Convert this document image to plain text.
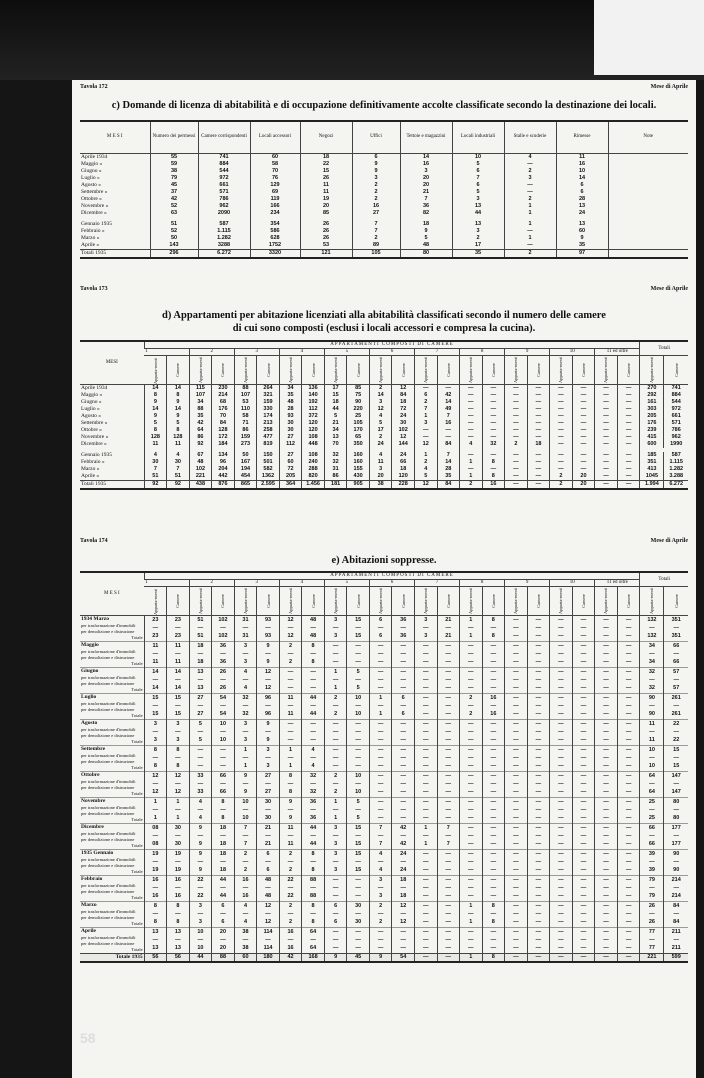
Tavola 172	Mese di Aprile
c) Domande di licenza di abitabilità e di occupazione definitivamente accolte classificate secondo la destinazione dei locali.
M E S I	Numero dei permessi	Camere corrispondenti	Locali accessori	Negozi	Uffici	Tettoie e magazzini	Locali industriali	Stalle e scuderie	Rimesse	Note
Aprile 1934	55	741	60	18	6	14	10	4	11	
Maggio »	59	884	58	22	9	16	5	—	16	
Giugno »	38	544	70	15	9	3	6	2	10	
Luglio »	79	972	76	26	3	20	7	3	14	
Agosto »	45	661	129	11	2	20	6	—	6	
Settembre »	37	571	69	11	2	21	5	—	6	
Ottobre »	42	786	119	19	2	7	3	2	28	
Novembre »	52	962	166	20	16	36	13	1	13	
Dicembre »	63	2090	234	85	27	82	44	1	24	

Gennaio 1935	51	587	354	26	7	18	13	1	13	
Febbraio »	52	1.115	586	26	7	9	3	—	60	
Marzo »	50	1.282	628	26	2	5	2	1	9	
Aprile »	143	3288	1752	53	89	48	17	—	35	
Totali 1935	296	6.272	3320	121	105	80	35	2	97	
Tavola 173	Mese di Aprile
d) Appartamenti per abitazione licenziati alla abitabilità classificati secondo il numero delle camere
di cui sono composti (esclusi i locali accessori e compresa la cucina).
MESI	APPARTAMENTI COMPOSTI DI CAMERE																						Totali	
	1		2		3		4		5		6		7		8		9		10		11 ed oltre			

	Apparta-menti	Camere	Apparta-menti	Camere	Apparta-menti	Camere	Apparta-menti	Camere	Apparta-menti	Camere	Apparta-menti	Camere	Apparta-menti	Camere	Apparta-menti	Camere	Apparta-menti	Camere	Apparta-menti	Camere	Apparta-menti	Camere	Apparta-menti	Camere

Aprile 1934	14	14	115	230	88	264	34	136	17	85	2	12	—	—	—	—	—	—	—	—	—	—	270	741
Maggio »	8	8	107	214	107	321	35	140	15	75	14	84	6	42	—	—	—	—	—	—	—	—	292	884
Giugno »	9	9	34	68	53	159	48	192	18	90	3	18	2	14	—	—	—	—	—	—	—	—	161	544
Luglio »	14	14	88	176	110	330	28	112	44	220	12	72	7	49	—	—	—	—	—	—	—	—	303	972
Agosto »	9	9	35	70	58	174	93	372	5	25	4	24	1	7	—	—	—	—	—	—	—	—	205	661
Settembre »	5	5	42	84	71	213	30	120	21	105	5	30	3	16	—	—	—	—	—	—	—	—	176	571
Ottobre »	8	8	64	128	86	258	30	120	34	170	17	102	—	—	—	—	—	—	—	—	—	—	239	786
Novembre »	128	128	86	172	159	477	27	108	13	65	2	12	—	—	—	—	—	—	—	—	—	—	415	962
Dicembre »	11	11	92	184	273	819	112	448	70	350	24	144	12	84	4	32	2	18	—	—	—	—	600	1990

Gennaio 1935	4	4	67	134	50	150	27	108	32	160	4	24	1	7	—	—	—	—	—	—	—	—	185	587
Febbraio »	30	30	48	96	167	501	60	240	32	160	11	66	2	14	1	8	—	—	—	—	—	—	351	1.115
Marzo »	7	7	102	204	194	582	72	288	31	155	3	18	4	28	—	—	—	—	—	—	—	—	413	1.282
Aprile »	51	51	221	442	454	1362	205	820	86	430	20	120	5	35	1	8	—	—	2	20	—	—	1045	3.288
Totali 1935	92	92	438	876	865	2.595	364	1.456	181	905	38	228	12	84	2	16	—	—	2	20	—	—	1.994	6.272
Tavola 174	Mese di Aprile
e) Abitazioni soppresse.
M E S I	APPARTAMENTI COMPOSTI DI CAMERE																						Totali	
	1		2		3		4		5		6		7		8		9		10		11 ed oltre			

	Apparta-menti	Camere	Apparta-menti	Camere	Apparta-menti	Camere	Apparta-menti	Camere	Apparta-menti	Camere	Apparta-menti	Camere	Apparta-menti	Camere	Apparta-menti	Camere	Apparta-menti	Camere	Apparta-menti	Camere	Apparta-menti	Camere	Apparta-menti	Camere

1934 Marzo
per trasformazione d'immobili
per demolizione e distruzione
Totale	23	23	51	102	31	93	12	48	3	15	6	36	3	21	1	8	—	—	—	—	—	—	132	351
	—	—	—	—	—	—	—	—	—	—	—	—	—	—	—	—	—	—	—	—	—	—	—	—
	23	23	51	102	31	93	12	48	3	15	6	36	3	21	1	8	—	—	—	—	—	—	132	351
Maggio
per trasformazione d'immobili
per demolizione e distruzione
Totale	11	11	18	36	3	9	2	8	—	—	—	—	—	—	—	—	—	—	—	—	—	—	34	66
	—	—	—	—	—	—	—	—	—	—	—	—	—	—	—	—	—	—	—	—	—	—	—	—
	11	11	18	36	3	9	2	8	—	—	—	—	—	—	—	—	—	—	—	—	—	—	34	66
Giugno
per trasformazione d'immobili
per demolizione e distruzione
Totale	14	14	13	26	4	12	—	—	1	5	—	—	—	—	—	—	—	—	—	—	—	—	32	57
	—	—	—	—	—	—	—	—	—	—	—	—	—	—	—	—	—	—	—	—	—	—	—	—
	14	14	13	26	4	12	—	—	1	5	—	—	—	—	—	—	—	—	—	—	—	—	32	57
Luglio
per trasformazione d'immobili
per demolizione e distruzione
Totale	15	15	27	54	32	96	11	44	2	10	1	6	—	—	2	16	—	—	—	—	—	—	90	261
	—	—	—	—	—	—	—	—	—	—	—	—	—	—	—	—	—	—	—	—	—	—	—	—
	15	15	27	54	32	96	11	44	2	10	1	6	—	—	2	16	—	—	—	—	—	—	90	261
Agosto
per trasformazione d'immobili
per demolizione e distruzione
Totale	3	3	5	10	3	9	—	—	—	—	—	—	—	—	—	—	—	—	—	—	—	—	11	22
	—	—	—	—	—	—	—	—	—	—	—	—	—	—	—	—	—	—	—	—	—	—	—	—
	3	3	5	10	3	9	—	—	—	—	—	—	—	—	—	—	—	—	—	—	—	—	11	22
Settembre
per trasformazione d'immobili
per demolizione e distruzione
Totale	8	8	—	—	1	3	1	4	—	—	—	—	—	—	—	—	—	—	—	—	—	—	10	15
	—	—	—	—	—	—	—	—	—	—	—	—	—	—	—	—	—	—	—	—	—	—	—	—
	8	8	—	—	1	3	1	4	—	—	—	—	—	—	—	—	—	—	—	—	—	—	10	15
Ottobre
per trasformazione d'immobili
per demolizione e distruzione
Totale	12	12	33	66	9	27	8	32	2	10	—	—	—	—	—	—	—	—	—	—	—	—	64	147
	—	—	—	—	—	—	—	—	—	—	—	—	—	—	—	—	—	—	—	—	—	—	—	—
	12	12	33	66	9	27	8	32	2	10	—	—	—	—	—	—	—	—	—	—	—	—	64	147
Novembre
per trasformazione d'immobili
per demolizione e distruzione
Totale	1	1	4	8	10	30	9	36	1	5	—	—	—	—	—	—	—	—	—	—	—	—	25	80
	—	—	—	—	—	—	—	—	—	—	—	—	—	—	—	—	—	—	—	—	—	—	—	—
	1	1	4	8	10	30	9	36	1	5	—	—	—	—	—	—	—	—	—	—	—	—	25	80
Dicembre
per trasformazione d'immobili
per demolizione e distruzione
Totale	08	30	9	18	7	21	11	44	3	15	7	42	1	7	—	—	—	—	—	—	—	—	66	177
	—	—	—	—	—	—	—	—	—	—	—	—	—	—	—	—	—	—	—	—	—	—	—	—
	08	30	9	18	7	21	11	44	3	15	7	42	1	7	—	—	—	—	—	—	—	—	66	177
1935 Gennaio
per trasformazione d'immobili
per demolizione e distruzione
Totale	19	19	9	18	2	6	2	8	3	15	4	24	—	—	—	—	—	—	—	—	—	—	39	90
	—	—	—	—	—	—	—	—	—	—	—	—	—	—	—	—	—	—	—	—	—	—	—	—
	19	19	9	18	2	6	2	8	3	15	4	24	—	—	—	—	—	—	—	—	—	—	39	90
Febbraio
per trasformazione d'immobili
per demolizione e distruzione
Totale	16	16	22	44	16	48	22	88	—	—	3	18	—	—	—	—	—	—	—	—	—	—	79	214
	—	—	—	—	—	—	—	—	—	—	—	—	—	—	—	—	—	—	—	—	—	—	—	—
	16	16	22	44	16	48	22	88	—	—	3	18	—	—	—	—	—	—	—	—	—	—	79	214
Marzo
per trasformazione d'immobili
per demolizione e distruzione
Totale	8	8	3	6	4	12	2	8	6	30	2	12	—	—	1	8	—	—	—	—	—	—	26	84
	—	—	—	—	—	—	—	—	—	—	—	—	—	—	—	—	—	—	—	—	—	—	—	—
	8	8	3	6	4	12	2	8	6	30	2	12	—	—	1	8	—	—	—	—	—	—	26	84
Aprile
per trasformazione d'immobili
per demolizione e distruzione
Totale	13	13	10	20	38	114	16	64	—	—	—	—	—	—	—	—	—	—	—	—	—	—	77	211
	—	—	—	—	—	—	—	—	—	—	—	—	—	—	—	—	—	—	—	—	—	—	—	—
	13	13	10	20	38	114	16	64	—	—	—	—	—	—	—	—	—	—	—	—	—	—	77	211
Totale 1935	56	56	44	88	60	180	42	168	9	45	9	54	—	—	1	8	—	—	—	—	—	—	221	599
58
